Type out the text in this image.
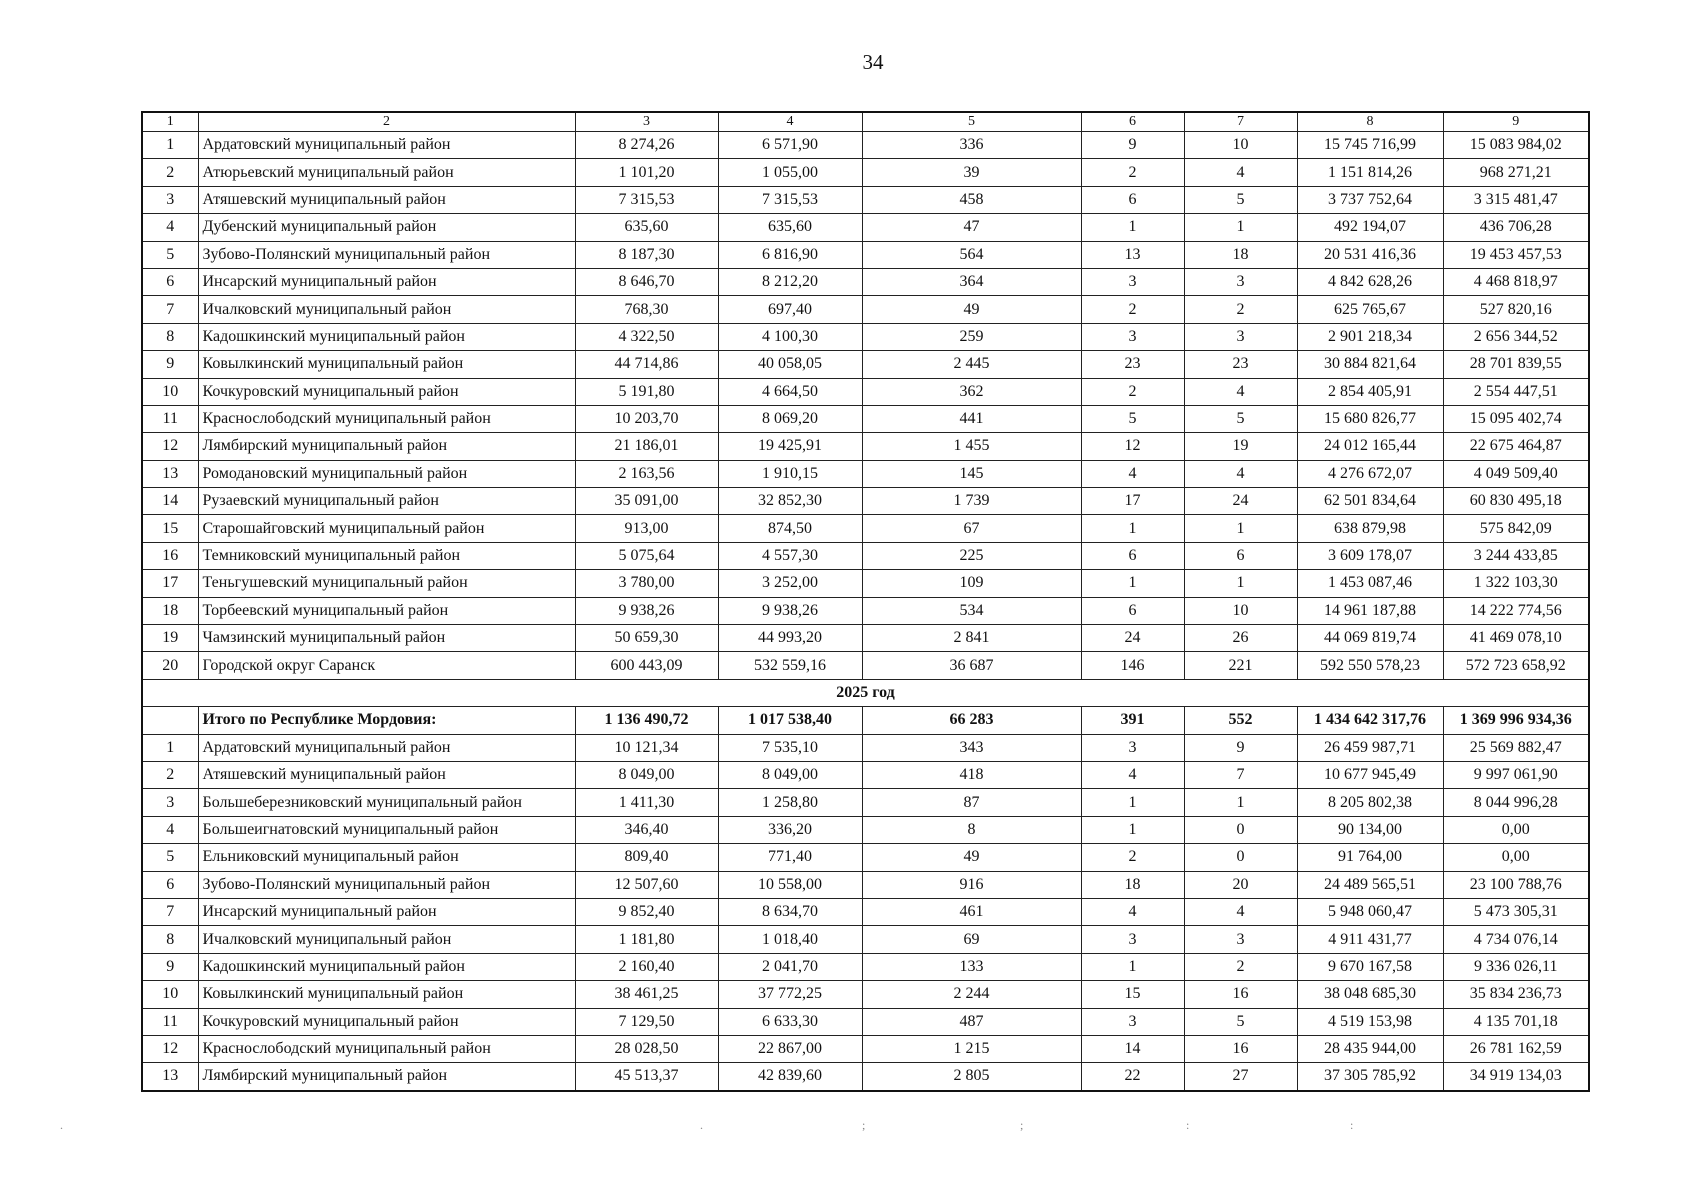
34
1	2	3	4	5	6	7	8	9
1	Ардатовский муниципальный район	8 274,26	6 571,90	336	9	10	15 745 716,99	15 083 984,02
2	Атюрьевский муниципальный район	1 101,20	1 055,00	39	2	4	1 151 814,26	968 271,21
3	Атяшевский муниципальный район	7 315,53	7 315,53	458	6	5	3 737 752,64	3 315 481,47
4	Дубенский муниципальный район	635,60	635,60	47	1	1	492 194,07	436 706,28
5	Зубово-Полянский муниципальный район	8 187,30	6 816,90	564	13	18	20 531 416,36	19 453 457,53
6	Инсарский муниципальный район	8 646,70	8 212,20	364	3	3	4 842 628,26	4 468 818,97
7	Ичалковский муниципальный район	768,30	697,40	49	2	2	625 765,67	527 820,16
8	Кадошкинский муниципальный район	4 322,50	4 100,30	259	3	3	2 901 218,34	2 656 344,52
9	Ковылкинский муниципальный район	44 714,86	40 058,05	2 445	23	23	30 884 821,64	28 701 839,55
10	Кочкуровский муниципальный район	5 191,80	4 664,50	362	2	4	2 854 405,91	2 554 447,51
11	Краснослободский муниципальный район	10 203,70	8 069,20	441	5	5	15 680 826,77	15 095 402,74
12	Лямбирский муниципальный район	21 186,01	19 425,91	1 455	12	19	24 012 165,44	22 675 464,87
13	Ромодановский муниципальный район	2 163,56	1 910,15	145	4	4	4 276 672,07	4 049 509,40
14	Рузаевский муниципальный район	35 091,00	32 852,30	1 739	17	24	62 501 834,64	60 830 495,18
15	Старошайговский муниципальный район	913,00	874,50	67	1	1	638 879,98	575 842,09
16	Темниковский муниципальный район	5 075,64	4 557,30	225	6	6	3 609 178,07	3 244 433,85
17	Теньгушевский муниципальный район	3 780,00	3 252,00	109	1	1	1 453 087,46	1 322 103,30
18	Торбеевский муниципальный район	9 938,26	9 938,26	534	6	10	14 961 187,88	14 222 774,56
19	Чамзинский муниципальный район	50 659,30	44 993,20	2 841	24	26	44 069 819,74	41 469 078,10
20	Городской округ Саранск	600 443,09	532 559,16	36 687	146	221	592 550 578,23	572 723 658,92
2025 год								
	Итого по Республике Мордовия:	1 136 490,72	1 017 538,40	66 283	391	552	1 434 642 317,76	1 369 996 934,36
1	Ардатовский муниципальный район	10 121,34	7 535,10	343	3	9	26 459 987,71	25 569 882,47
2	Атяшевский муниципальный район	8 049,00	8 049,00	418	4	7	10 677 945,49	9 997 061,90
3	Большеберезниковский муниципальный район	1 411,30	1 258,80	87	1	1	8 205 802,38	8 044 996,28
4	Большеигнатовский муниципальный район	346,40	336,20	8	1	0	90 134,00	0,00
5	Ельниковский муниципальный район	809,40	771,40	49	2	0	91 764,00	0,00
6	Зубово-Полянский муниципальный район	12 507,60	10 558,00	916	18	20	24 489 565,51	23 100 788,76
7	Инсарский муниципальный район	9 852,40	8 634,70	461	4	4	5 948 060,47	5 473 305,31
8	Ичалковский муниципальный район	1 181,80	1 018,40	69	3	3	4 911 431,77	4 734 076,14
9	Кадошкинский муниципальный район	2 160,40	2 041,70	133	1	2	9 670 167,58	9 336 026,11
10	Ковылкинский муниципальный район	38 461,25	37 772,25	2 244	15	16	38 048 685,30	35 834 236,73
11	Кочкуровский муниципальный район	7 129,50	6 633,30	487	3	5	4 519 153,98	4 135 701,18
12	Краснослободский муниципальный район	28 028,50	22 867,00	1 215	14	16	28 435 944,00	26 781 162,59
13	Лямбирский муниципальный район	45 513,37	42 839,60	2 805	22	27	37 305 785,92	34 919 134,03
.	.	;	;	:	:
